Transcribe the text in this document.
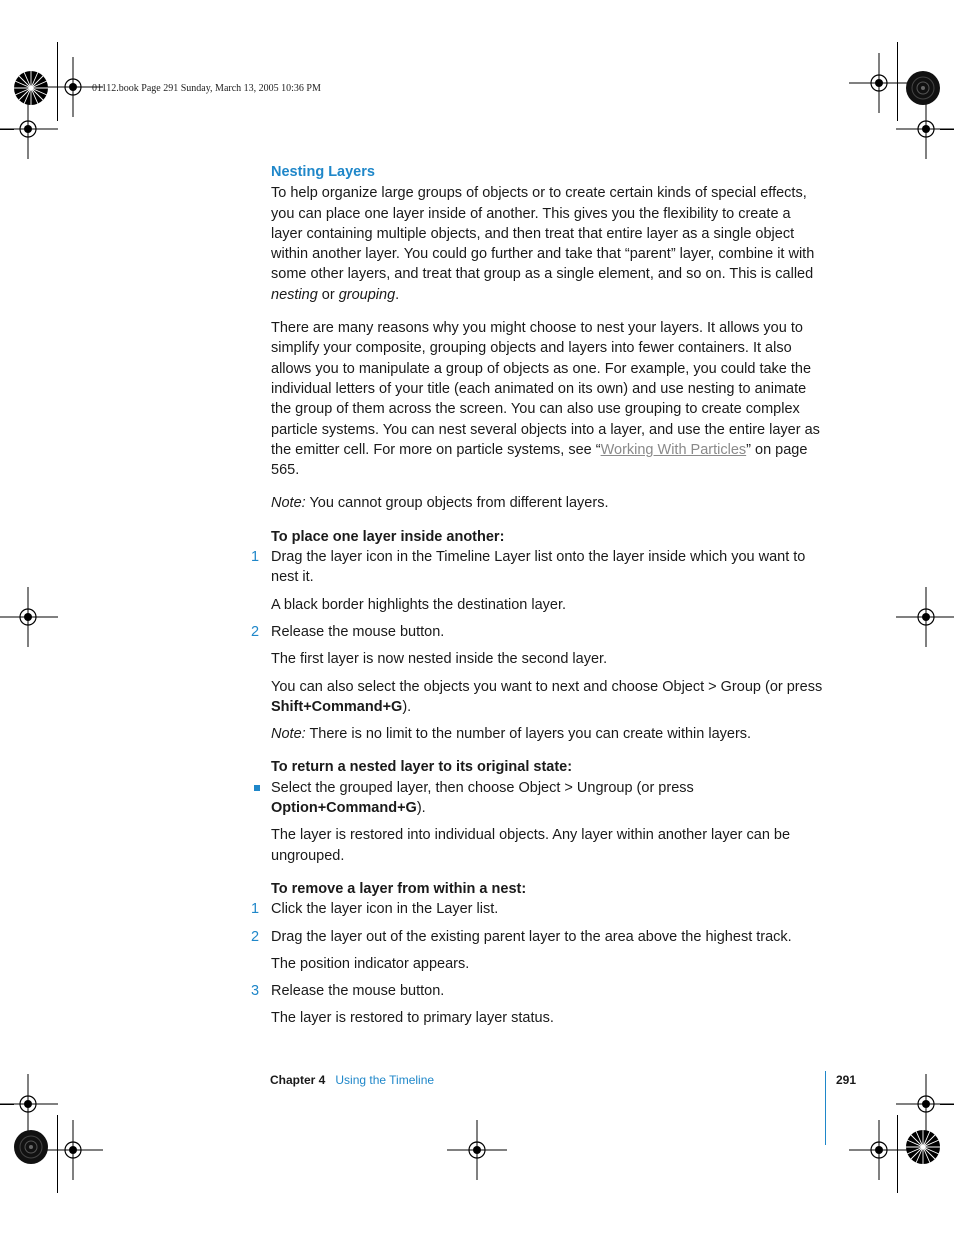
01112.book Page 291 Sunday, March 13, 2005 10:36 PM
Nesting Layers

To help organize large groups of objects or to create certain kinds of special effects, you can place one layer inside of another. This gives you the flexibility to create a layer containing multiple objects, and then treat that entire layer as a single object within another layer. You could go further and take that “parent” layer, combine it with some other layers, and treat that group as a single element, and so on. This is called nesting or grouping.

There are many reasons why you might choose to nest your layers. It allows you to simplify your composite, grouping objects and layers into fewer containers. It also allows you to manipulate a group of objects as one. For example, you could take the individual letters of your title (each animated on its own) and use nesting to animate the group of them across the screen. You can also use grouping to create complex particle systems. You can nest several objects into a layer, and use the entire layer as the emitter cell. For more on particle systems, see “Working With Particles” on page 565.

Note: You cannot group objects from different layers.

To place one layer inside another:

1 Drag the layer icon in the Timeline Layer list onto the layer inside which you want to nest it.

A black border highlights the destination layer.

2 Release the mouse button.

The first layer is now nested inside the second layer.

You can also select the objects you want to next and choose Object > Group (or press Shift+Command+G).

Note: There is no limit to the number of layers you can create within layers.

To return a nested layer to its original state:

Select the grouped layer, then choose Object > Ungroup (or press Option+Command+G).

The layer is restored into individual objects. Any layer within another layer can be ungrouped.

To remove a layer from within a nest:

1 Click the layer icon in the Layer list.
2 Drag the layer out of the existing parent layer to the area above the highest track.

The position indicator appears.

3 Release the mouse button.

The layer is restored to primary layer status.

Chapter 4 Using the Timeline	291
